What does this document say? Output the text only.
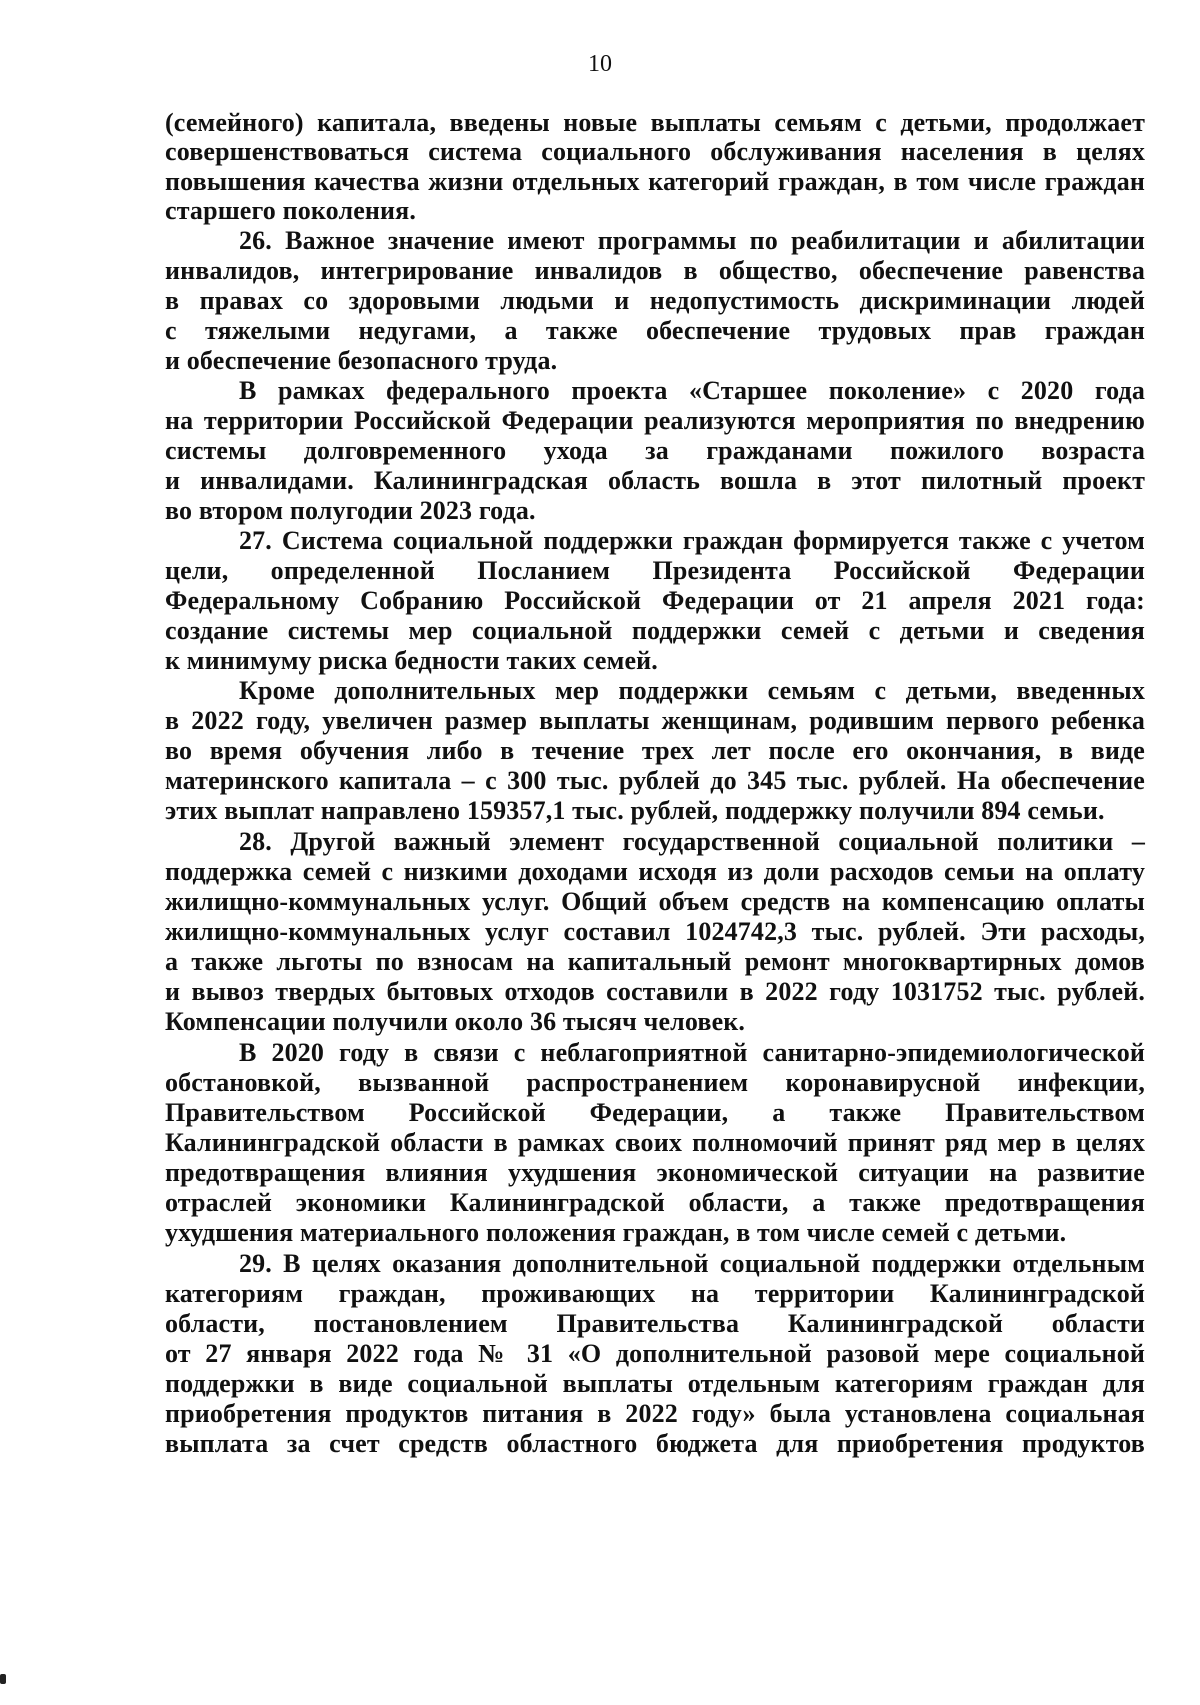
10
(семейного) капитала, введены новые выплаты семьям с детьми, продолжает
совершенствоваться система социального обслуживания населения в целях
повышения качества жизни отдельных категорий граждан, в том числе граждан
старшего поколения.
26. Важное значение имеют программы по реабилитации и абилитации
инвалидов, интегрирование инвалидов в общество, обеспечение равенства
в правах со здоровыми людьми и недопустимость дискриминации людей
с тяжелыми недугами, а также обеспечение трудовых прав граждан
и обеспечение безопасного труда.
В рамках федерального проекта «Старшее поколение» с 2020 года
на территории Российской Федерации реализуются мероприятия по внедрению
системы долговременного ухода за гражданами пожилого возраста
и инвалидами. Калининградская область вошла в этот пилотный проект
во втором полугодии 2023 года.
27. Система социальной поддержки граждан формируется также с учетом
цели, определенной Посланием Президента Российской Федерации
Федеральному Собранию Российской Федерации от 21 апреля 2021 года:
создание системы мер социальной поддержки семей с детьми и сведения
к минимуму риска бедности таких семей.
Кроме дополнительных мер поддержки семьям с детьми, введенных
в 2022 году, увеличен размер выплаты женщинам, родившим первого ребенка
во время обучения либо в течение трех лет после его окончания, в виде
материнского капитала – с 300 тыс. рублей до 345 тыс. рублей. На обеспечение
этих выплат направлено 159357,1 тыс. рублей, поддержку получили 894 семьи.
28. Другой важный элемент государственной социальной политики –
поддержка семей с низкими доходами исходя из доли расходов семьи на оплату
жилищно-коммунальных услуг. Общий объем средств на компенсацию оплаты
жилищно-коммунальных услуг составил 1024742,3 тыс. рублей. Эти расходы,
а также льготы по взносам на капитальный ремонт многоквартирных домов
и вывоз твердых бытовых отходов составили в 2022 году 1031752 тыс. рублей.
Компенсации получили около 36 тысяч человек.
В 2020 году в связи с неблагоприятной санитарно-эпидемиологической
обстановкой, вызванной распространением коронавирусной инфекции,
Правительством Российской Федерации, а также Правительством
Калининградской области в рамках своих полномочий принят ряд мер в целях
предотвращения влияния ухудшения экономической ситуации на развитие
отраслей экономики Калининградской области, а также предотвращения
ухудшения материального положения граждан, в том числе семей с детьми.
29. В целях оказания дополнительной социальной поддержки отдельным
категориям граждан, проживающих на территории Калининградской
области, постановлением Правительства Калининградской области
от 27 января 2022 года № 31 «О дополнительной разовой мере социальной
поддержки в виде социальной выплаты отдельным категориям граждан для
приобретения продуктов питания в 2022 году» была установлена социальная
выплата за счет средств областного бюджета для приобретения продуктов
